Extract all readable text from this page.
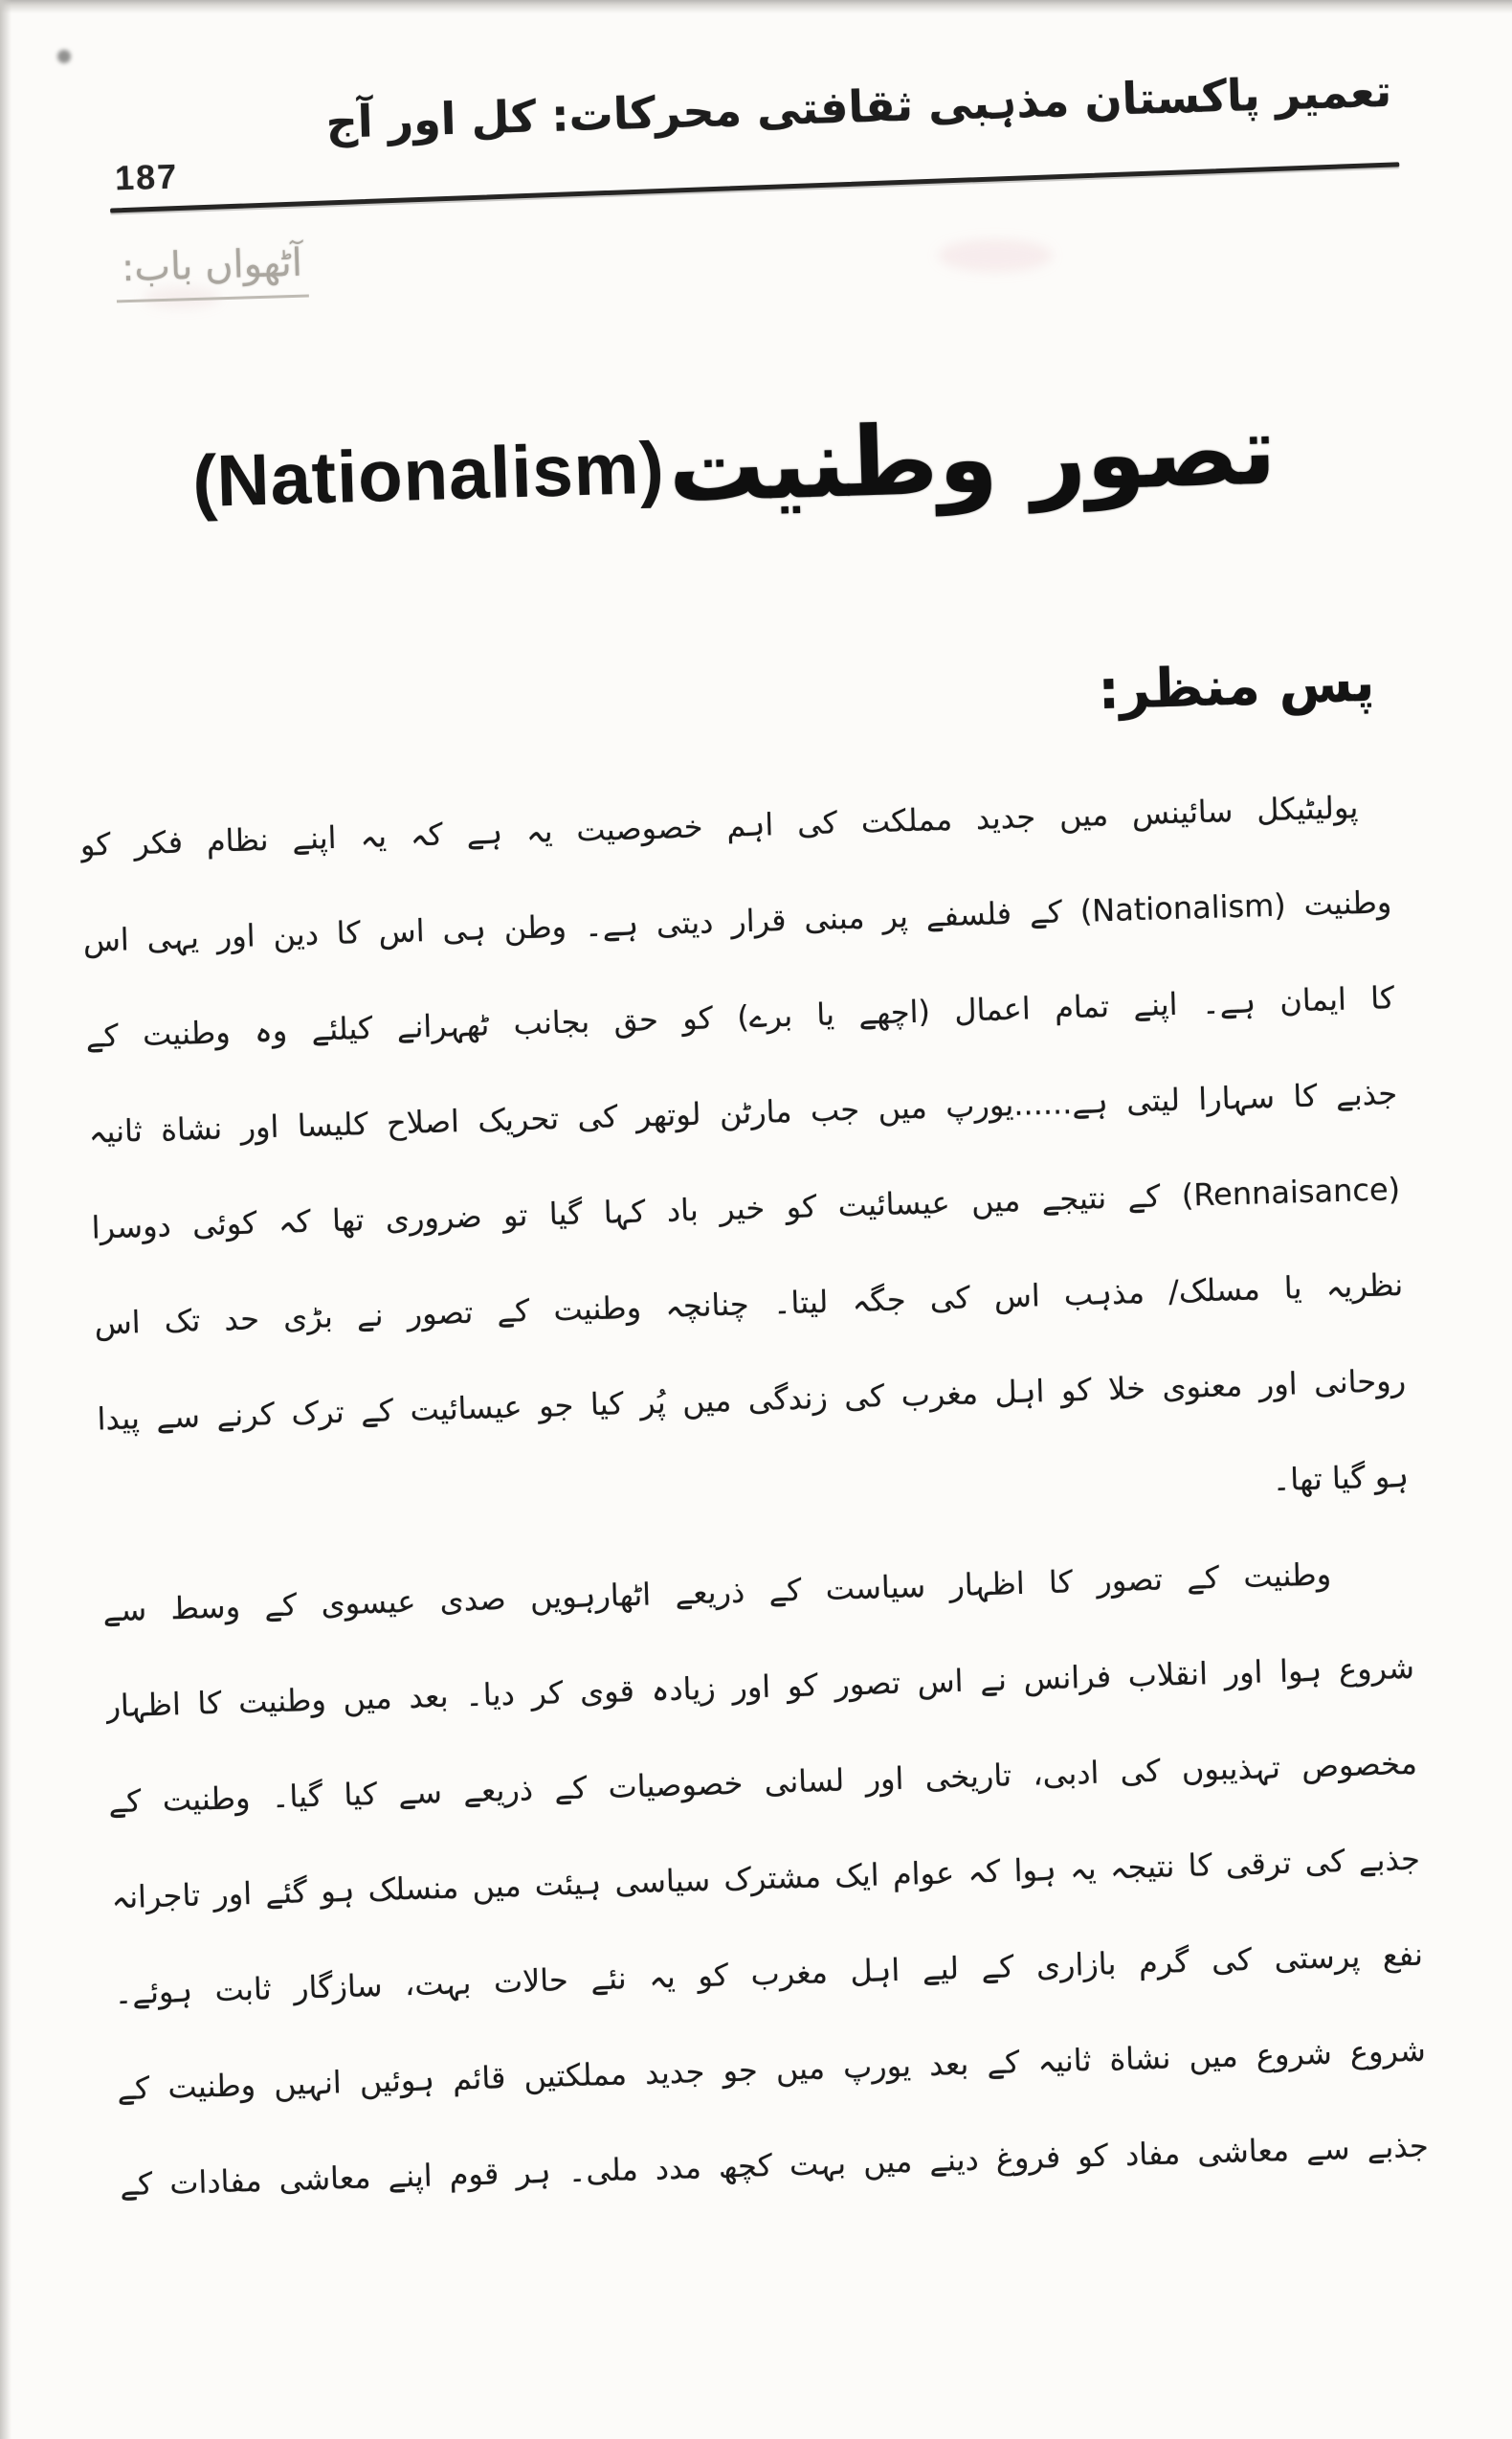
187
تعمیر پاکستان مذہبی ثقافتی محرکات: کل اور آج
آٹھواں باب:
تصور وطنیت (Nationalism)
پس منظر:
پولیٹیکل سائینس میں جدید مملکت کی اہم خصوصیت یہ ہے کہ یہ اپنے نظام فکر کو
وطنیت ⁦(Nationalism)⁩ کے فلسفے پر مبنی قرار دیتی ہے۔ وطن ہی اس کا دین اور یہی اس
کا ایمان ہے۔ اپنے تمام اعمال (اچھے یا برے) کو حق بجانب ٹھہرانے کیلئے وہ وطنیت کے
جذبے کا سہارا لیتی ہے......یورپ میں جب مارٹن لوتھر کی تحریک اصلاح کلیسا اور نشاة ثانیہ
⁦(Rennaisance)⁩ کے نتیجے میں عیسائیت کو خیر باد کہا گیا تو ضروری تھا کہ کوئی دوسرا
نظریہ یا مسلک/ مذہب اس کی جگہ لیتا۔ چنانچہ وطنیت کے تصور نے بڑی حد تک اس
روحانی اور معنوی خلا کو اہل مغرب کی زندگی میں پُر کیا جو عیسائیت کے ترک کرنے سے پیدا
ہو گیا تھا۔
وطنیت کے تصور کا اظہار سیاست کے ذریعے اٹھارہویں صدی عیسوی کے وسط سے
شروع ہوا اور انقلاب فرانس نے اس تصور کو اور زیادہ قوی کر دیا۔ بعد میں وطنیت کا اظہار
مخصوص تہذیبوں کی ادبی، تاریخی اور لسانی خصوصیات کے ذریعے سے کیا گیا۔ وطنیت کے
جذبے کی ترقی کا نتیجہ یہ ہوا کہ عوام ایک مشترک سیاسی ہیئت میں منسلک ہو گئے اور تاجرانہ
نفع پرستی کی گرم بازاری کے لیے اہل مغرب کو یہ نئے حالات بہت، سازگار ثابت ہوئے۔
شروع شروع میں نشاة ثانیہ کے بعد یورپ میں جو جدید مملکتیں قائم ہوئیں انہیں وطنیت کے
جذبے سے معاشی مفاد کو فروغ دینے میں بہت کچھ مدد ملی۔ ہر قوم اپنے معاشی مفادات کے
